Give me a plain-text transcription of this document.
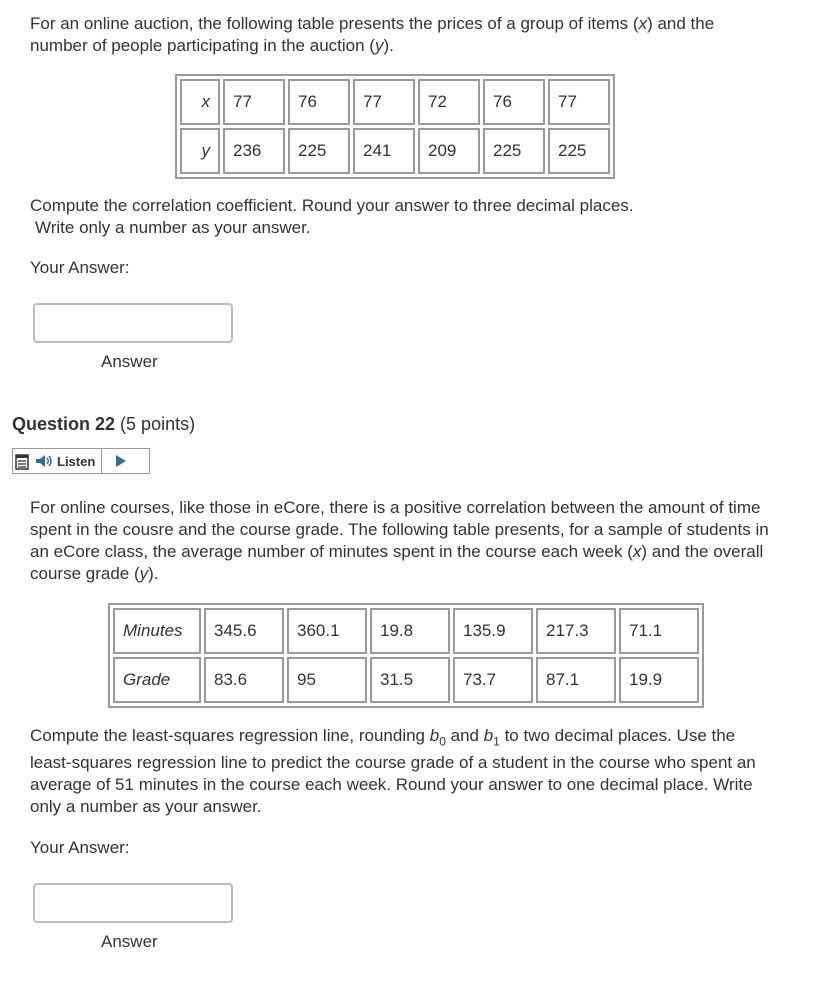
For an online auction, the following table presents the prices of a group of items (x) and the number of people participating in the auction (y).

x	77	76	77	72	76	77
y	236	225	241	209	225	225

Compute the correlation coefficient. Round your answer to three decimal places.
Write only a number as your answer.

Your Answer:
Answer
Question 22 (5 points)
Listen

For online courses, like those in eCore, there is a positive correlation between the amount of time spent in the cousre and the course grade. The following table presents, for a sample of students in an eCore class, the average number of minutes spent in the course each week (x) and the overall course grade (y).

Minutes	345.6	360.1	19.8	135.9	217.3	71.1
Grade	83.6	95	31.5	73.7	87.1	19.9

Compute the least-squares regression line, rounding $b_0$ and $b_1$ to two decimal places. Use the least-squares regression line to predict the course grade of a student in the course who spent an average of 51 minutes in the course each week. Round your answer to one decimal place. Write only a number as your answer.

Your Answer:
Answer
